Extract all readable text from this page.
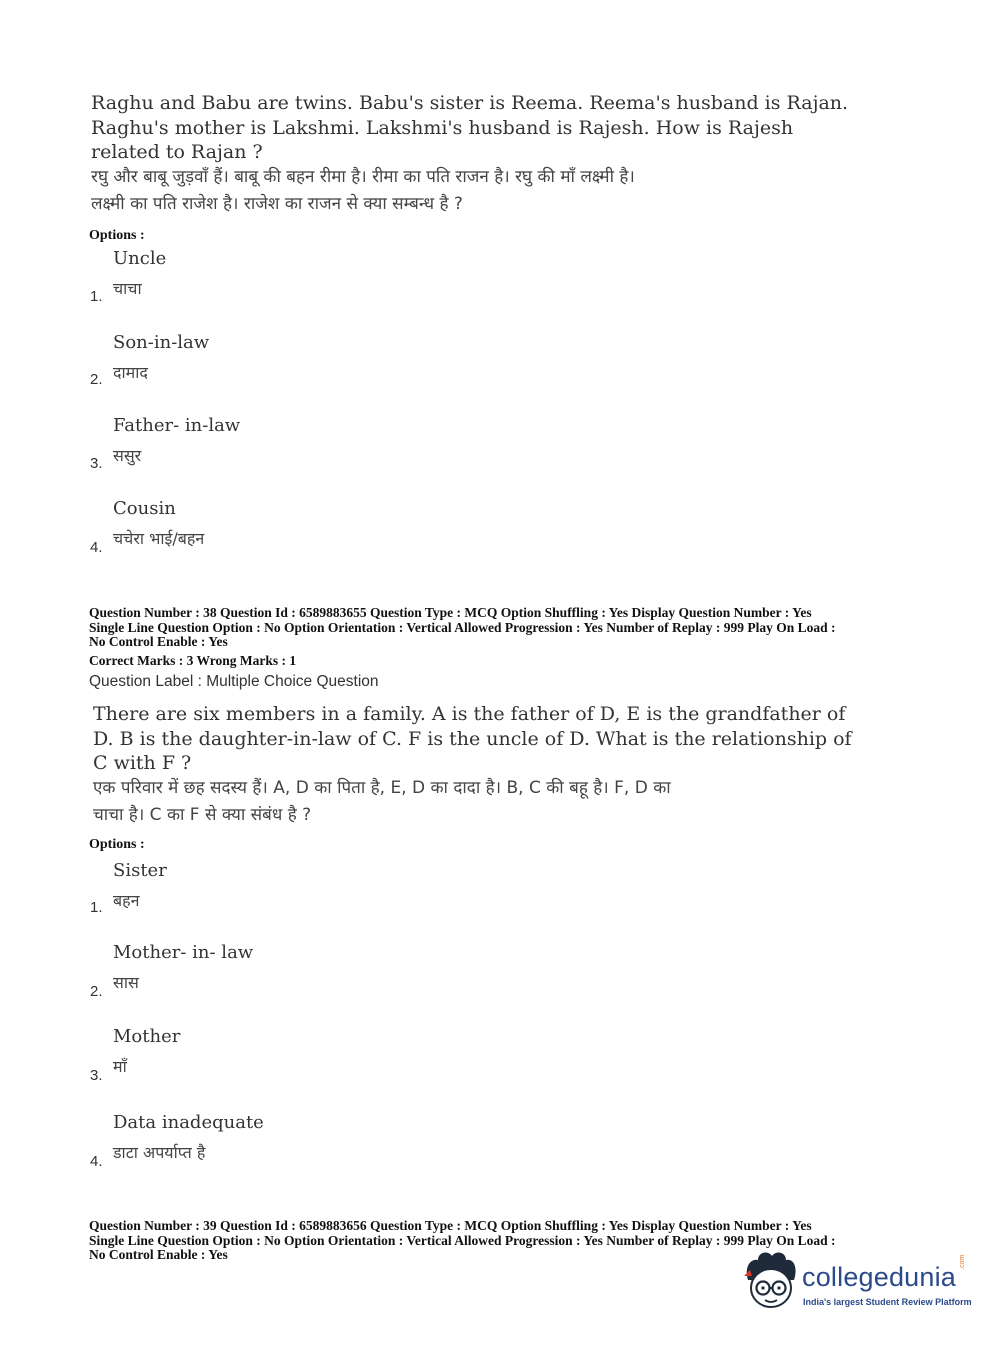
Raghu and Babu are twins. Babu's sister is Reema. Reema's husband is Rajan.
Raghu's mother is Lakshmi. Lakshmi's husband is Rajesh. How is Rajesh
related to Rajan ?
रघु और बाबू जुड़वाँ हैं। बाबू की बहन रीमा है। रीमा का पति राजन है। रघु की माँ लक्ष्मी है।
लक्ष्मी का पति राजेश है। राजेश का राजन से क्या सम्बन्ध है ?
Options :
Uncle
चाचा
1.
Son-in-law
दामाद
2.
Father- in-law
ससुर
3.
Cousin
चचेरा भाई/बहन
4.
Question Number : 38 Question Id : 6589883655 Question Type : MCQ Option Shuffling : Yes Display Question Number : Yes
Single Line Question Option : No Option Orientation : Vertical Allowed Progression : Yes Number of Replay : 999 Play On Load :
No Control Enable : Yes
Correct Marks : 3 Wrong Marks : 1
Question Label : Multiple Choice Question
There are six members in a family. A is the father of D, E is the grandfather of
D. B is the daughter-in-law of C. F is the uncle of D. What is the relationship of
C with F ?
एक परिवार में छह सदस्य हैं। A, D का पिता है, E, D का दादा है। B, C की बहू है। F, D का
चाचा है। C का F से क्या संबंध है ?
Options :
Sister
बहन
1.
Mother- in- law
सास
2.
Mother
माँ
3.
Data inadequate
डाटा अपर्याप्त है
4.
Question Number : 39 Question Id : 6589883656 Question Type : MCQ Option Shuffling : Yes Display Question Number : Yes
Single Line Question Option : No Option Orientation : Vertical Allowed Progression : Yes Number of Replay : 999 Play On Load :
No Control Enable : Yes
collegedunia .com
India's largest Student Review Platform
